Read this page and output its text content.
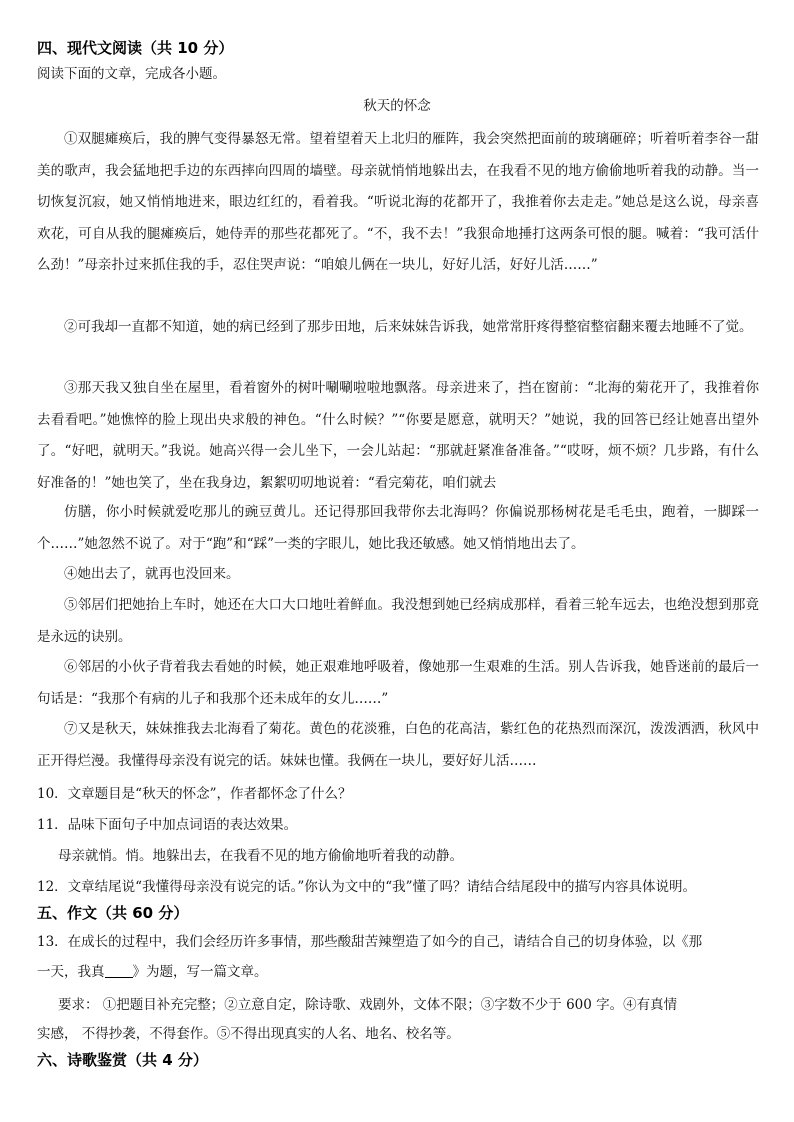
四、现代文阅读（共 10 分）
阅读下面的文章，完成各小题。
秋天的怀念
①双腿瘫痪后，我的脾气变得暴怒无常。望着望着天上北归的雁阵，我会突然把面前的玻璃砸碎；听着听着李谷一甜美的歌声，我会猛地把手边的东西摔向四周的墙壁。母亲就悄悄地躲出去，在我看不见的地方偷偷地听着我的动静。当一切恢复沉寂，她又悄悄地进来，眼边红红的，看着我。“听说北海的花都开了，我推着你去走走。”她总是这么说，母亲喜欢花，可自从我的腿瘫痪后，她侍弄的那些花都死了。“不，我不去！”我狠命地捶打这两条可恨的腿。喊着：“我可活什么劲！”母亲扑过来抓住我的手，忍住哭声说：“咱娘儿俩在一块儿，好好儿活，好好儿活……”
②可我却一直都不知道，她的病已经到了那步田地，后来妹妹告诉我，她常常肝疼得整宿整宿翻来覆去地睡不了觉。
③那天我又独自坐在屋里，看着窗外的树叶唰唰啦啦地飘落。母亲进来了，挡在窗前：“北海的菊花开了，我推着你去看看吧。”她憔悴的脸上现出央求般的神色。“什么时候？”“你要是愿意，就明天？”她说，我的回答已经让她喜出望外了。“好吧，就明天。”我说。她高兴得一会儿坐下，一会儿站起：“那就赶紧准备准备。”“哎呀，烦不烦？几步路，有什么好准备的！”她也笑了，坐在我身边，絮絮叨叨地说着：“看完菊花，咱们就去
仿膳，你小时候就爱吃那儿的豌豆黄儿。还记得那回我带你去北海吗？你偏说那杨树花是毛毛虫，跑着，一脚踩一个……”她忽然不说了。对于“跑”和“踩”一类的字眼儿，她比我还敏感。她又悄悄地出去了。
④她出去了，就再也没回来。
⑤邻居们把她抬上车时，她还在大口大口地吐着鲜血。我没想到她已经病成那样，看着三轮车远去，也绝没想到那竟是永远的诀别。
⑥邻居的小伙子背着我去看她的时候，她正艰难地呼吸着，像她那一生艰难的生活。别人告诉我，她昏迷前的最后一句话是：“我那个有病的儿子和我那个还未成年的女儿……”
⑦又是秋天，妹妹推我去北海看了菊花。黄色的花淡雅，白色的花高洁，紫红色的花热烈而深沉，泼泼洒洒，秋风中正开得烂漫。我懂得母亲没有说完的话。妹妹也懂。我俩在一块儿，要好好儿活……
10．文章题目是“秋天的怀念”，作者都怀念了什么？
11．品味下面句子中加点词语的表达效果。
母亲就悄。悄。地躲出去，在我看不见的地方偷偷地听着我的动静。
12．文章结尾说“我懂得母亲没有说完的话。”你认为文中的“我”懂了吗？请结合结尾段中的描写内容具体说明。
五、作文（共 60 分）
13．在成长的过程中，我们会经历许多事情，那些酸甜苦辣塑造了如今的自己，请结合自己的切身体验，以《那
一天，我真 》为题，写一篇文章。
要求： ①把题目补充完整；②立意自定，除诗歌、戏剧外，文体不限；③字数不少于 600 字。④有真情
实感， 不得抄袭，不得套作。⑤不得出现真实的人名、地名、校名等。
六、诗歌鉴赏（共 4 分）
